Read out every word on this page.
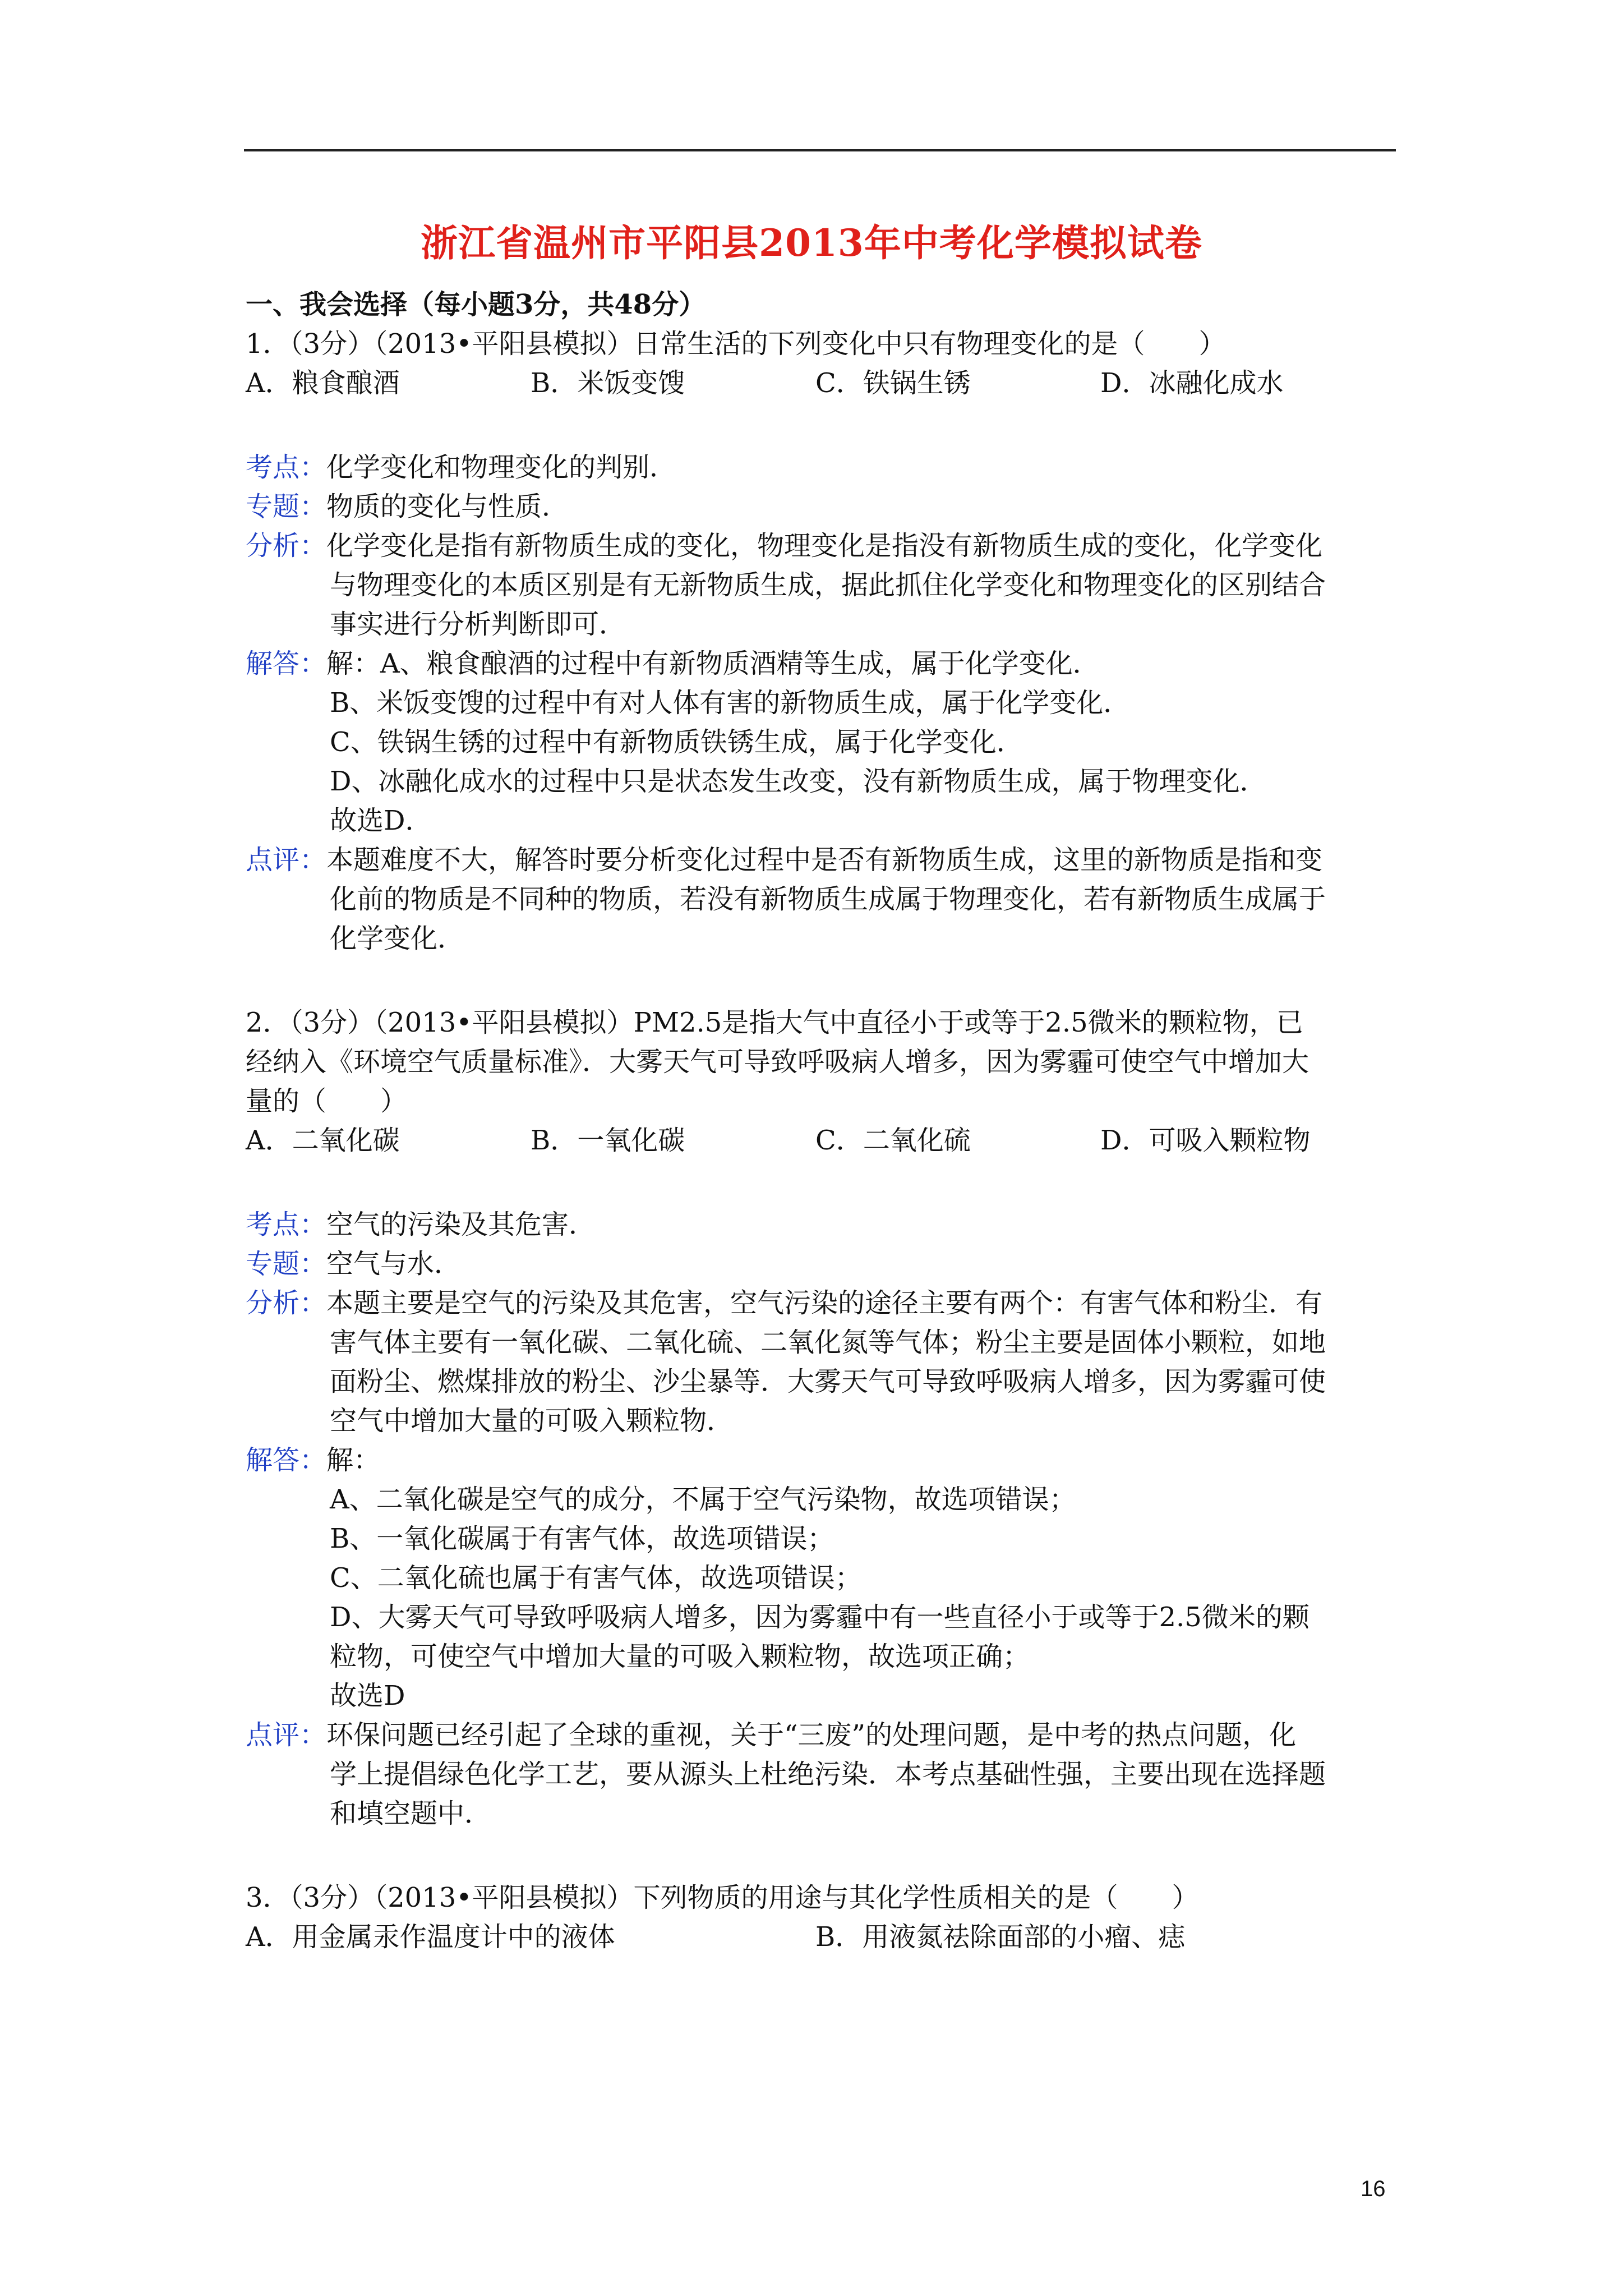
浙江省温州市平阳县2013年中考化学模拟试卷
一、我会选择（每小题3分，共48分）
1．（3分）（2013•平阳县模拟）日常生活的下列变化中只有物理变化的是（　　）
A．粮食酿酒	B．米饭变馊	C．铁锅生锈	D．冰融化成水
考点：化学变化和物理变化的判别．
专题：物质的变化与性质．
分析：化学变化是指有新物质生成的变化，物理变化是指没有新物质生成的变化，化学变化
与物理变化的本质区别是有无新物质生成，据此抓住化学变化和物理变化的区别结合
事实进行分析判断即可．
解答：解：A、粮食酿酒的过程中有新物质酒精等生成，属于化学变化．
B、米饭变馊的过程中有对人体有害的新物质生成，属于化学变化．
C、铁锅生锈的过程中有新物质铁锈生成，属于化学变化．
D、冰融化成水的过程中只是状态发生改变，没有新物质生成，属于物理变化．
故选D．
点评：本题难度不大，解答时要分析变化过程中是否有新物质生成，这里的新物质是指和变
化前的物质是不同种的物质，若没有新物质生成属于物理变化，若有新物质生成属于
化学变化．
2．（3分）（2013•平阳县模拟）PM2.5是指大气中直径小于或等于2.5微米的颗粒物，已
经纳入《环境空气质量标准》．大雾天气可导致呼吸病人增多，因为雾霾可使空气中增加大
量的（　　）
A．二氧化碳	B．一氧化碳	C．二氧化硫	D．可吸入颗粒物
考点：空气的污染及其危害．
专题：空气与水．
分析：本题主要是空气的污染及其危害，空气污染的途径主要有两个：有害气体和粉尘．有
害气体主要有一氧化碳、二氧化硫、二氧化氮等气体；粉尘主要是固体小颗粒，如地
面粉尘、燃煤排放的粉尘、沙尘暴等．大雾天气可导致呼吸病人增多，因为雾霾可使
空气中增加大量的可吸入颗粒物．
解答：解：
A、二氧化碳是空气的成分，不属于空气污染物，故选项错误；
B、一氧化碳属于有害气体，故选项错误；
C、二氧化硫也属于有害气体，故选项错误；
D、大雾天气可导致呼吸病人增多，因为雾霾中有一些直径小于或等于2.5微米的颗
粒物，可使空气中增加大量的可吸入颗粒物，故选项正确；
故选D
点评：环保问题已经引起了全球的重视，关于“三废”的处理问题，是中考的热点问题，化
学上提倡绿色化学工艺，要从源头上杜绝污染．本考点基础性强，主要出现在选择题
和填空题中．
3．（3分）（2013•平阳县模拟）下列物质的用途与其化学性质相关的是（　　）
A．用金属汞作温度计中的液体	B．用液氮祛除面部的小瘤、痣
16
